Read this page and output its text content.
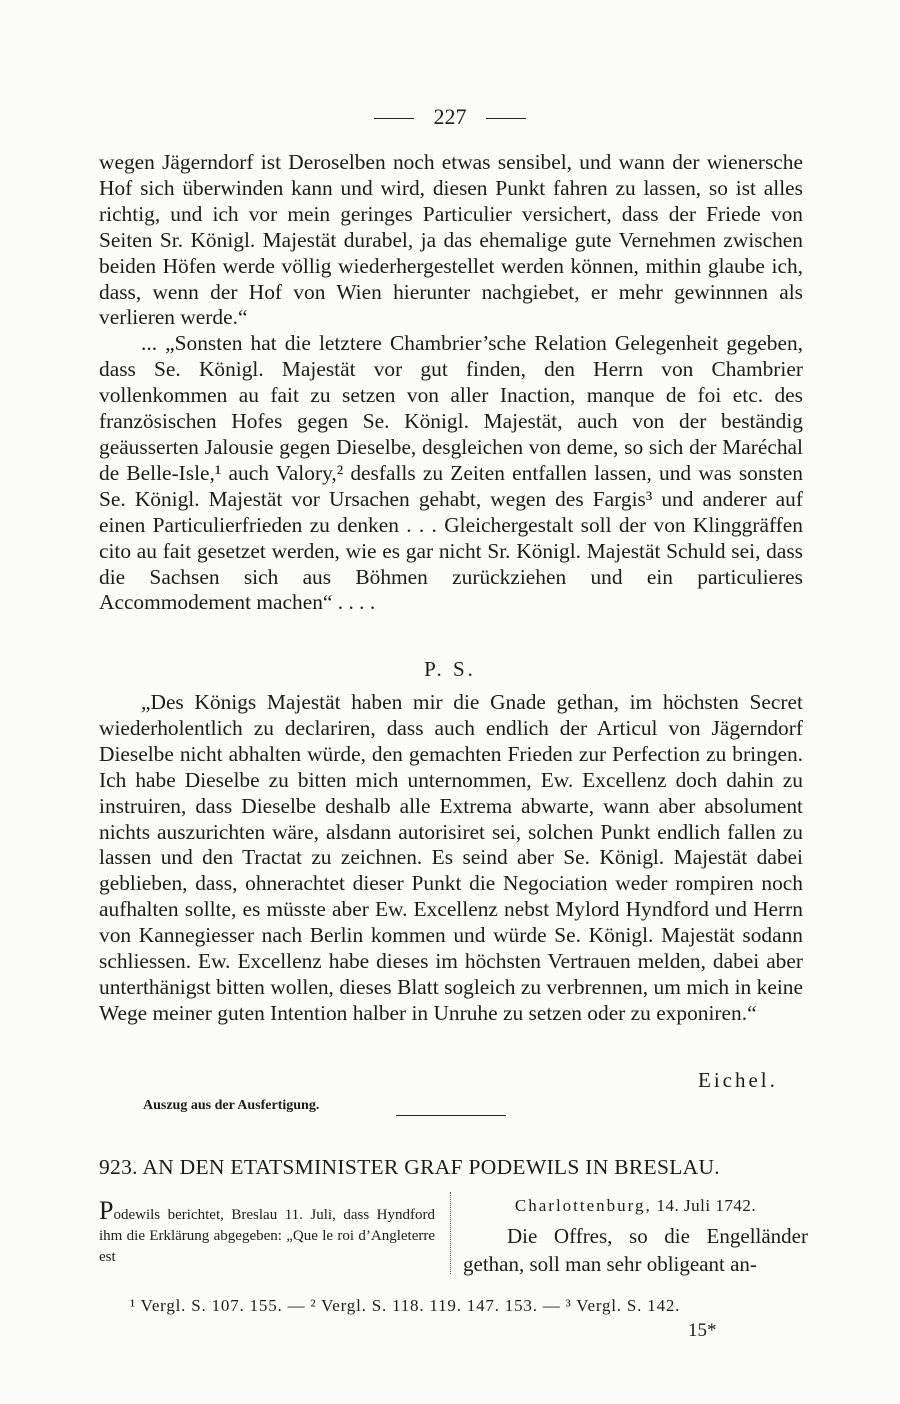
227

wegen Jägerndorf ist Deroselben noch etwas sensibel, und wann der wienersche Hof sich überwinden kann und wird, diesen Punkt fahren zu lassen, so ist alles richtig, und ich vor mein geringes Particulier versichert, dass der Friede von Seiten Sr. Königl. Majestät durabel, ja das ehemalige gute Vernehmen zwischen beiden Höfen werde völlig wiederhergestellet werden können, mithin glaube ich, dass, wenn der Hof von Wien hierunter nachgiebet, er mehr gewinnnen als verlieren werde.“

... „Sonsten hat die letztere Chambrier’sche Relation Gelegenheit gegeben, dass Se. Königl. Majestät vor gut finden, den Herrn von Chambrier vollenkommen au fait zu setzen von aller Inaction, manque de foi etc. des französischen Hofes gegen Se. Königl. Majestät, auch von der beständig geäusserten Jalousie gegen Dieselbe, desgleichen von deme, so sich der Maréchal de Belle-Isle,¹ auch Valory,² desfalls zu Zeiten entfallen lassen, und was sonsten Se. Königl. Majestät vor Ursachen gehabt, wegen des Fargis³ und anderer auf einen Particulierfrieden zu denken . . . Gleichergestalt soll der von Klinggräffen cito au fait gesetzet werden, wie es gar nicht Sr. Königl. Majestät Schuld sei, dass die Sachsen sich aus Böhmen zurückziehen und ein particulieres Accommodement machen“ . . . .

P. S.

„Des Königs Majestät haben mir die Gnade gethan, im höchsten Secret wiederholentlich zu declariren, dass auch endlich der Articul von Jägerndorf Dieselbe nicht abhalten würde, den gemachten Frieden zur Perfection zu bringen. Ich habe Dieselbe zu bitten mich unternommen, Ew. Excellenz doch dahin zu instruiren, dass Dieselbe deshalb alle Extrema abwarte, wann aber absolument nichts auszurichten wäre, alsdann autorisiret sei, solchen Punkt endlich fallen zu lassen und den Tractat zu zeichnen. Es seind aber Se. Königl. Majestät dabei geblieben, dass, ohnerachtet dieser Punkt die Negociation weder rompiren noch aufhalten sollte, es müsste aber Ew. Excellenz nebst Mylord Hyndford und Herrn von Kannegiesser nach Berlin kommen und würde Se. Königl. Majestät sodann schliessen. Ew. Excellenz habe dieses im höchsten Vertrauen melden, dabei aber unterthänigst bitten wollen, dieses Blatt sogleich zu verbrennen, um mich in keine Wege meiner guten Intention halber in Unruhe zu setzen oder zu exponiren.“

Eichel.
Auszug aus der Ausfertigung.
923. AN DEN ETATSMINISTER GRAF PODEWILS IN BRESLAU.
Podewils berichtet, Breslau 11. Juli, dass Hyndford ihm die Erklärung abgegeben: „Que le roi d’Angleterre est
Charlottenburg, 14. Juli 1742.

Die Offres, so die Engelländer gethan, soll man sehr obligeant an-

¹ Vergl. S. 107. 155. — ² Vergl. S. 118. 119. 147. 153. — ³ Vergl. S. 142.
15*
